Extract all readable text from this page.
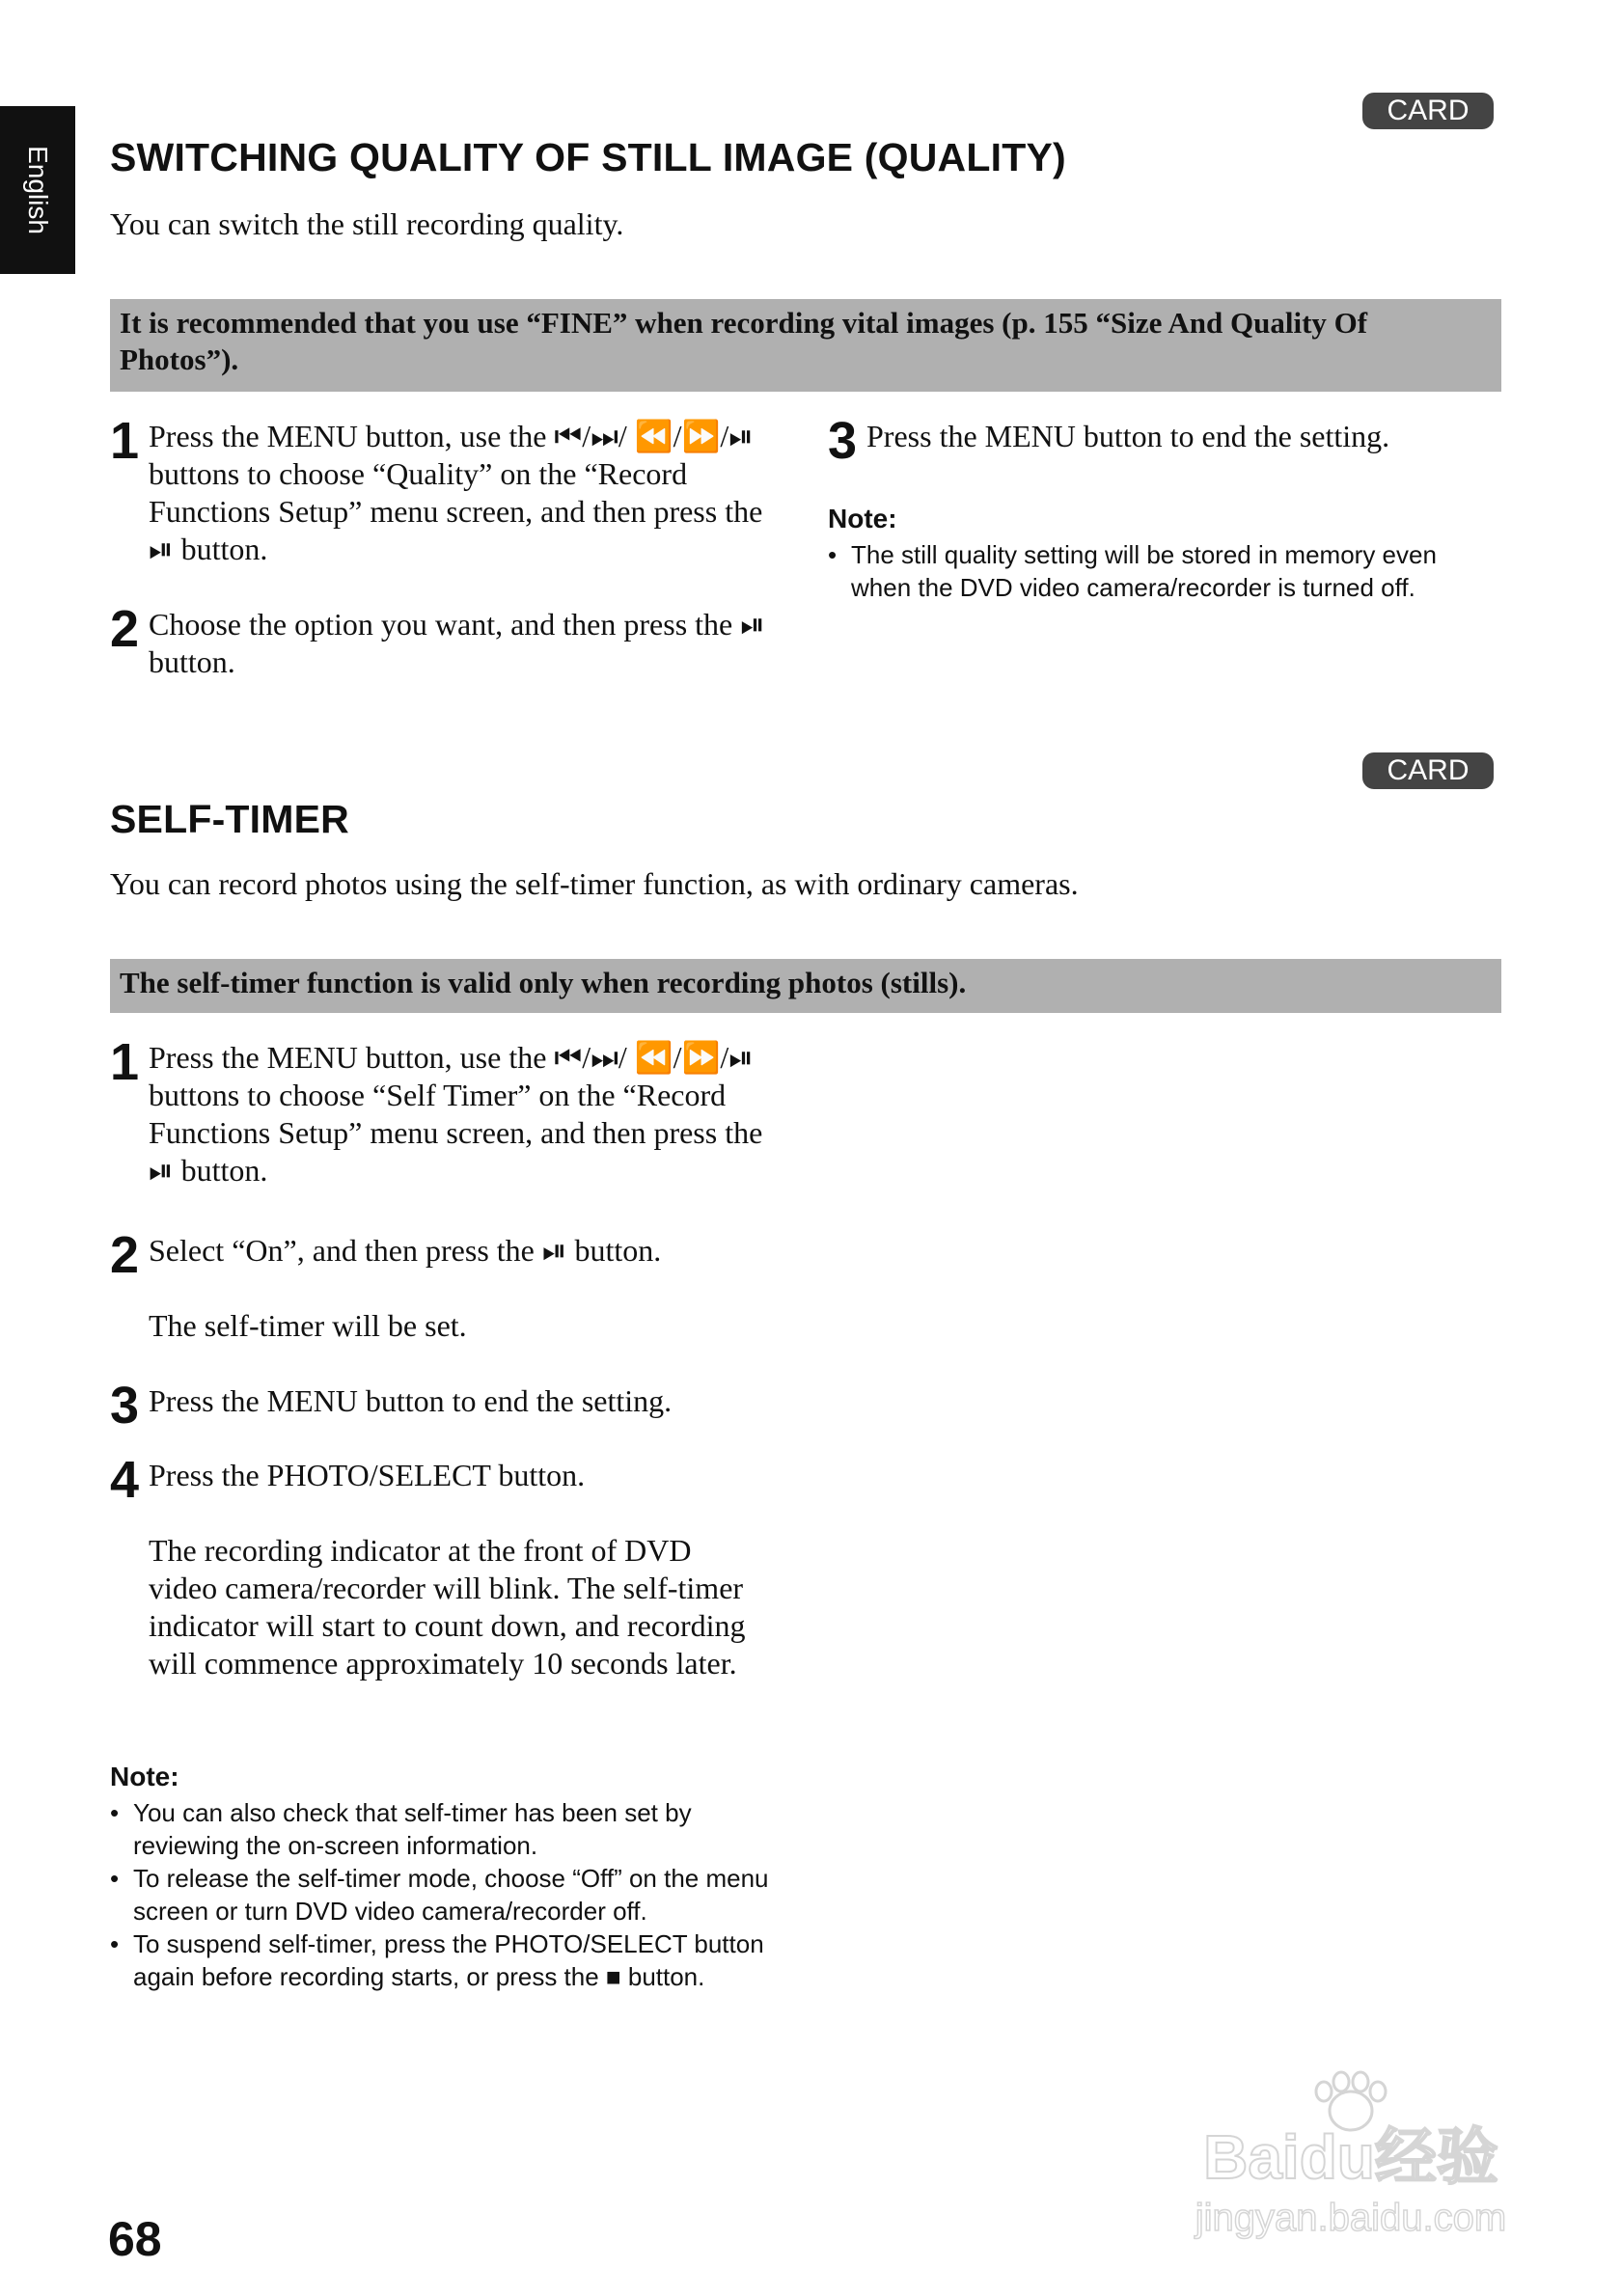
English
CARD
SWITCHING QUALITY OF STILL IMAGE (QUALITY)

You can switch the still recording quality.

It is recommended that you use “FINE” when recording vital images (p. 155 “Size And Quality Of Photos”).
1 Press the MENU button, use the ⏮/⏭/ ⏪/⏩/⏯ buttons to choose “Quality” on the “Record Functions Setup” menu screen, and then press the ⏯ button.
2 Choose the option you want, and then press the ⏯ button.
3 Press the MENU button to end the setting.

Note:

• The still quality setting will be stored in memory even when the DVD video camera/recorder is turned off.
CARD
SELF-TIMER

You can record photos using the self-timer function, as with ordinary cameras.

The self-timer function is valid only when recording photos (stills).
1 Press the MENU button, use the ⏮/⏭/ ⏪/⏩/⏯ buttons to choose “Self Timer” on the “Record Functions Setup” menu screen, and then press the ⏯ button.
2 Select “On”, and then press the ⏯ button.
The self-timer will be set.
3 Press the MENU button to end the setting.
4 Press the PHOTO/SELECT button.
The recording indicator at the front of DVD video camera/recorder will blink. The self-timer indicator will start to count down, and recording will commence approximately 10 seconds later.

Note:

• You can also check that self-timer has been set by reviewing the on-screen information.
• To release the self-timer mode, choose “Off” on the menu screen or turn DVD video camera/recorder off.
• To suspend self-timer, press the PHOTO/SELECT button again before recording starts, or press the ■ button.
68
Baidu经验
jingyan.baidu.com
